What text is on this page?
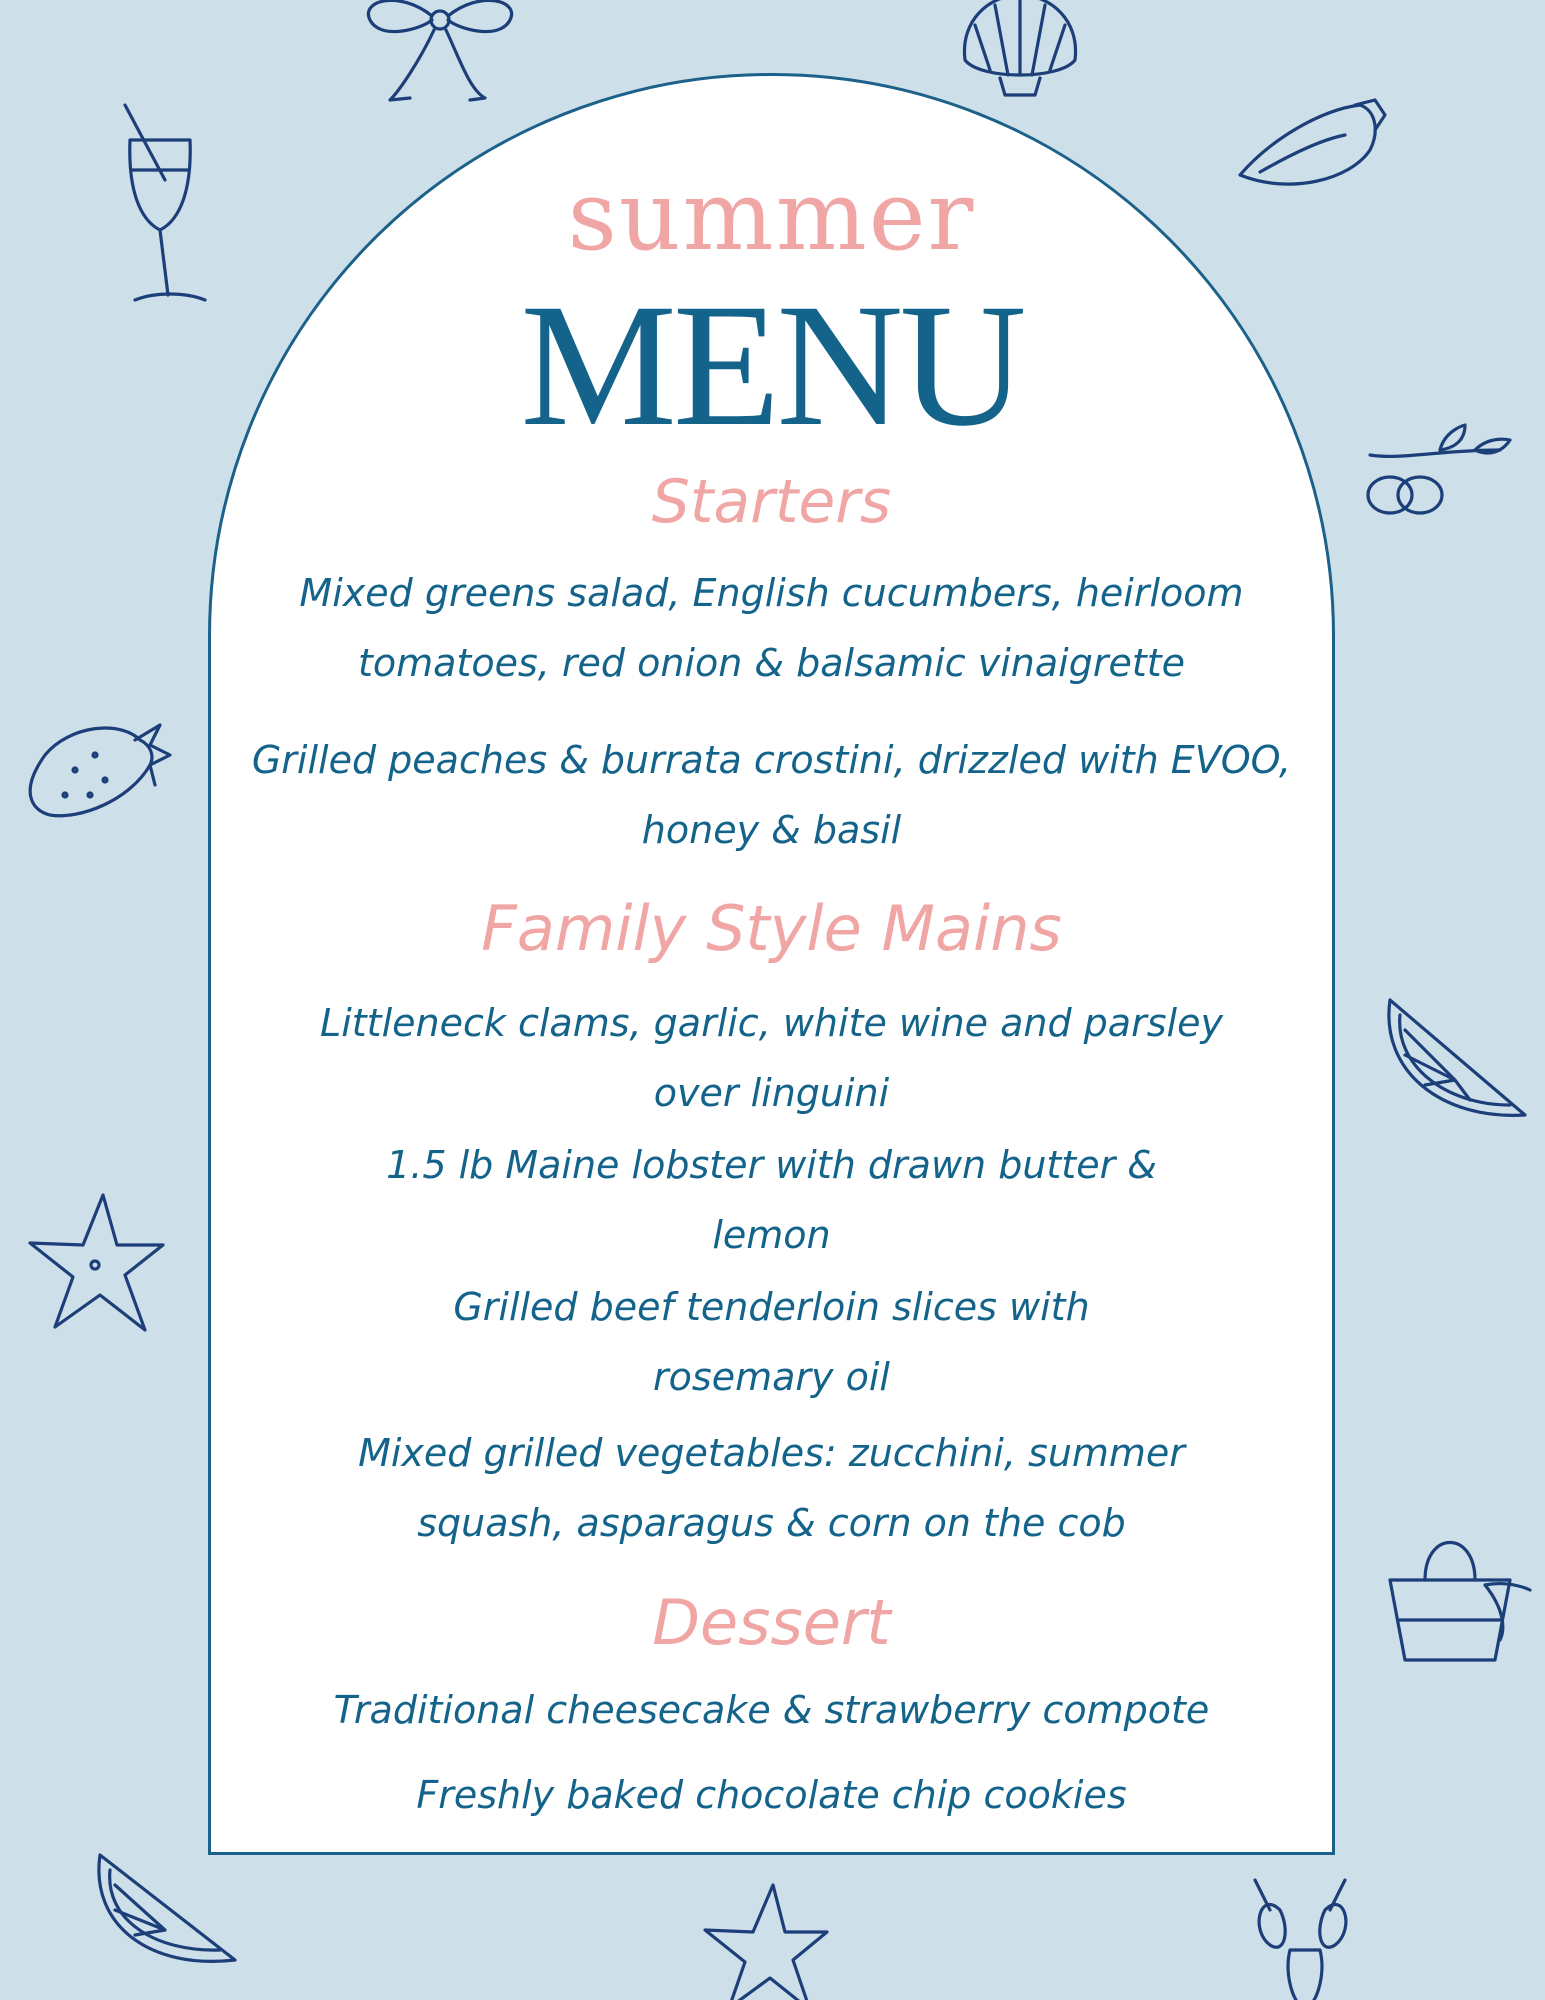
summer
MENU
Starters
Mixed greens salad, English cucumbers, heirloom tomatoes, red onion & balsamic vinaigrette
Grilled peaches & burrata crostini, drizzled with EVOO, honey & basil
Family Style Mains
Littleneck clams, garlic, white wine and parsley over linguini
1.5 lb Maine lobster with drawn butter & lemon
Grilled beef tenderloin slices with rosemary oil
Mixed grilled vegetables: zucchini, summer squash, asparagus & corn on the cob
Dessert
Traditional cheesecake & strawberry compote
Freshly baked chocolate chip cookies
